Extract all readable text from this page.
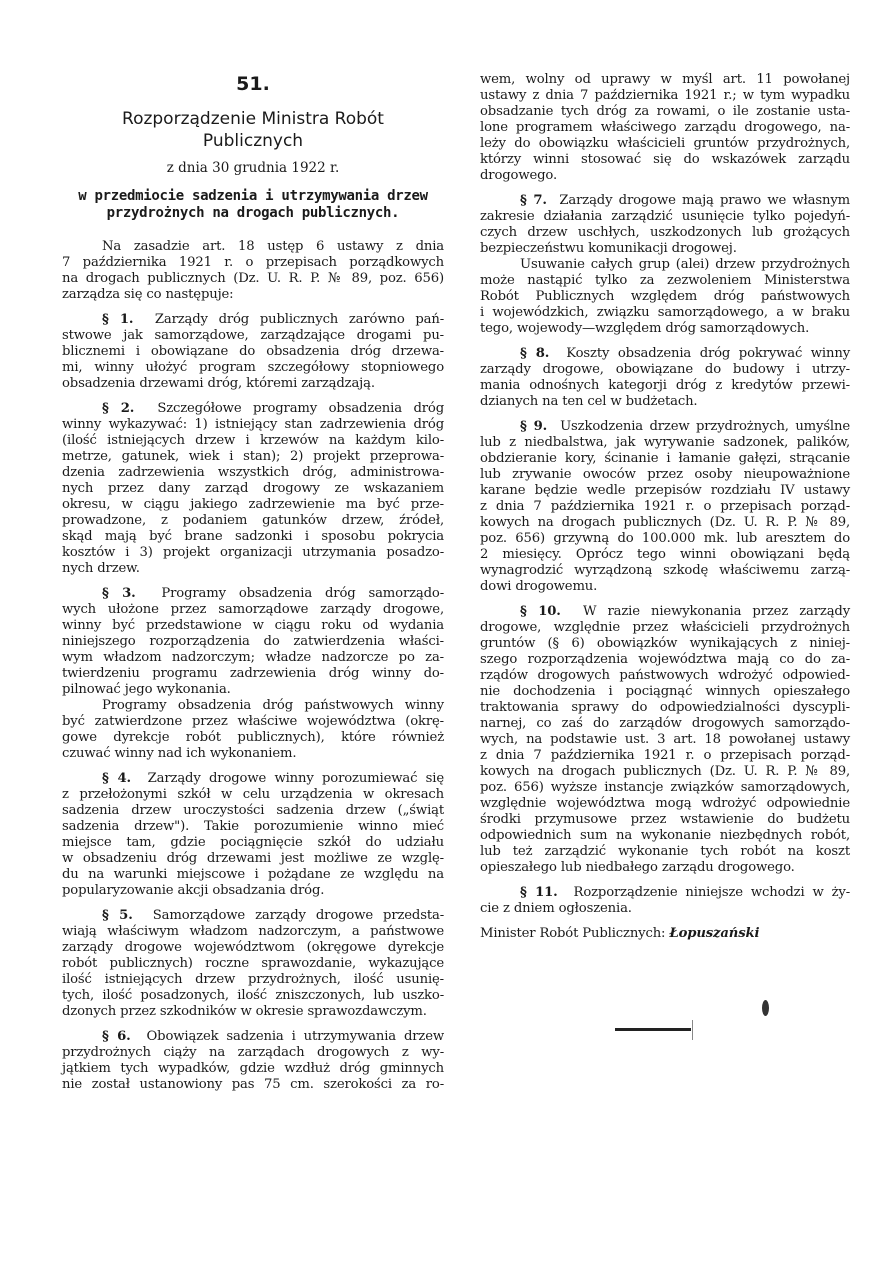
51.
Rozporządzenie Ministra Robót
Publicznych
z dnia 30 grudnia 1922 r.
w przedmiocie sadzenia i utrzymywania drzew
przydrożnych na drogach publicznych.
Na zasadzie art. 18 ustęp 6 ustawy z dnia
7 października 1921 r. o przepisach porządkowych
na drogach publicznych (Dz. U. R. P. № 89, poz. 656)
zarządza się co następuje:
§ 1. Zarządy dróg publicznych zarówno pań-
stwowe jak samorządowe, zarządzające drogami pu-
blicznemi i obowiązane do obsadzenia dróg drzewa-
mi, winny ułożyć program szczegółowy stopniowego
obsadzenia drzewami dróg, któremi zarządzają.
§ 2. Szczegółowe programy obsadzenia dróg
winny wykazywać: 1) istniejący stan zadrzewienia dróg
(ilość istniejących drzew i krzewów na każdym kilo-
metrze, gatunek, wiek i stan); 2) projekt przeprowa-
dzenia zadrzewienia wszystkich dróg, administrowa-
nych przez dany zarząd drogowy ze wskazaniem
okresu, w ciągu jakiego zadrzewienie ma być prze-
prowadzone, z podaniem gatunków drzew, źródeł,
skąd mają być brane sadzonki i sposobu pokrycia
kosztów i 3) projekt organizacji utrzymania posadzo-
nych drzew.
§ 3. Programy obsadzenia dróg samorządo-
wych ułożone przez samorządowe zarządy drogowe,
winny być przedstawione w ciągu roku od wydania
niniejszego rozporządzenia do zatwierdzenia właści-
wym władzom nadzorczym; władze nadzorcze po za-
twierdzeniu programu zadrzewienia dróg winny do-
pilnować jego wykonania.
Programy obsadzenia dróg państwowych winny
być zatwierdzone przez właściwe województwa (okrę-
gowe dyrekcje robót publicznych), które również
czuwać winny nad ich wykonaniem.
§ 4. Zarządy drogowe winny porozumiewać się
z przełożonymi szkół w celu urządzenia w okresach
sadzenia drzew uroczystości sadzenia drzew („świąt
sadzenia drzew"). Takie porozumienie winno mieć
miejsce tam, gdzie pociągnięcie szkół do udziału
w obsadzeniu dróg drzewami jest możliwe ze wzglę-
du na warunki miejscowe i pożądane ze względu na
popularyzowanie akcji obsadzania dróg.
§ 5. Samorządowe zarządy drogowe przedsta-
wiają właściwym władzom nadzorczym, a państwowe
zarządy drogowe województwom (okręgowe dyrekcje
robót publicznych) roczne sprawozdanie, wykazujące
ilość istniejących drzew przydrożnych, ilość usunię-
tych, ilość posadzonych, ilość zniszczonych, lub uszko-
dzonych przez szkodników w okresie sprawozdawczym.
§ 6. Obowiązek sadzenia i utrzymywania drzew
przydrożnych ciąży na zarządach drogowych z wy-
jątkiem tych wypadków, gdzie wzdłuż dróg gminnych
nie został ustanowiony pas 75 cm. szerokości za ro-
wem, wolny od uprawy w myśl art. 11 powołanej
ustawy z dnia 7 października 1921 r.; w tym wypadku
obsadzanie tych dróg za rowami, o ile zostanie usta-
lone programem właściwego zarządu drogowego, na-
leży do obowiązku właścicieli gruntów przydrożnych,
którzy winni stosować się do wskazówek zarządu
drogowego.
§ 7. Zarządy drogowe mają prawo we własnym
zakresie działania zarządzić usunięcie tylko pojedyń-
czych drzew uschłych, uszkodzonych lub grożących
bezpieczeństwu komunikacji drogowej.
Usuwanie całych grup (alei) drzew przydrożnych
może nastąpić tylko za zezwoleniem Ministerstwa
Robót Publicznych względem dróg państwowych
i wojewódzkich, związku samorządowego, a w braku
tego, wojewody—względem dróg samorządowych.
§ 8. Koszty obsadzenia dróg pokrywać winny
zarządy drogowe, obowiązane do budowy i utrzy-
mania odnośnych kategorji dróg z kredytów przewi-
dzianych na ten cel w budżetach.
§ 9. Uszkodzenia drzew przydrożnych, umyślne
lub z niedbalstwa, jak wyrywanie sadzonek, palików,
obdzieranie kory, ścinanie i łamanie gałęzi, strącanie
lub zrywanie owoców przez osoby nieupoważnione
karane będzie wedle przepisów rozdziału IV ustawy
z dnia 7 października 1921 r. o przepisach porząd-
kowych na drogach publicznych (Dz. U. R. P. № 89,
poz. 656) grzywną do 100.000 mk. lub aresztem do
2 miesięcy. Oprócz tego winni obowiązani będą
wynagrodzić wyrządzoną szkodę właściwemu zarzą-
dowi drogowemu.
§ 10. W razie niewykonania przez zarządy
drogowe, względnie przez właścicieli przydrożnych
gruntów (§ 6) obowiązków wynikających z niniej-
szego rozporządzenia województwa mają co do za-
rządów drogowych państwowych wdrożyć odpowied-
nie dochodzenia i pociągnąć winnych opieszałego
traktowania sprawy do odpowiedzialności dyscypli-
narnej, co zaś do zarządów drogowych samorządo-
wych, na podstawie ust. 3 art. 18 powołanej ustawy
z dnia 7 października 1921 r. o przepisach porząd-
kowych na drogach publicznych (Dz. U. R. P. № 89,
poz. 656) wyższe instancje związków samorządowych,
względnie województwa mogą wdrożyć odpowiednie
środki przymusowe przez wstawienie do budżetu
odpowiednich sum na wykonanie niezbędnych robót,
lub też zarządzić wykonanie tych robót na koszt
opieszałego lub niedbałego zarządu drogowego.
§ 11. Rozporządzenie niniejsze wchodzi w ży-
cie z dniem ogłoszenia.
Minister Robót Publicznych: Łopuszański
